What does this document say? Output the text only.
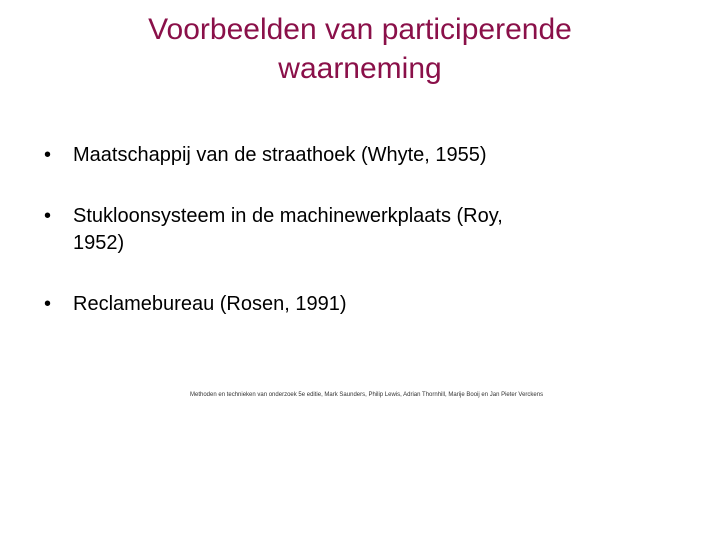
Voorbeelden van participerende
waarneming
•	Maatschappij van de straathoek (Whyte, 1955)
•	Stukloonsysteem in de machinewerkplaats (Roy,
1952)
•	Reclamebureau (Rosen, 1991)
Methoden en technieken van onderzoek 5e editie, Mark Saunders, Philip Lewis, Adrian Thornhill, Marije Booij en Jan Pieter Verckens
